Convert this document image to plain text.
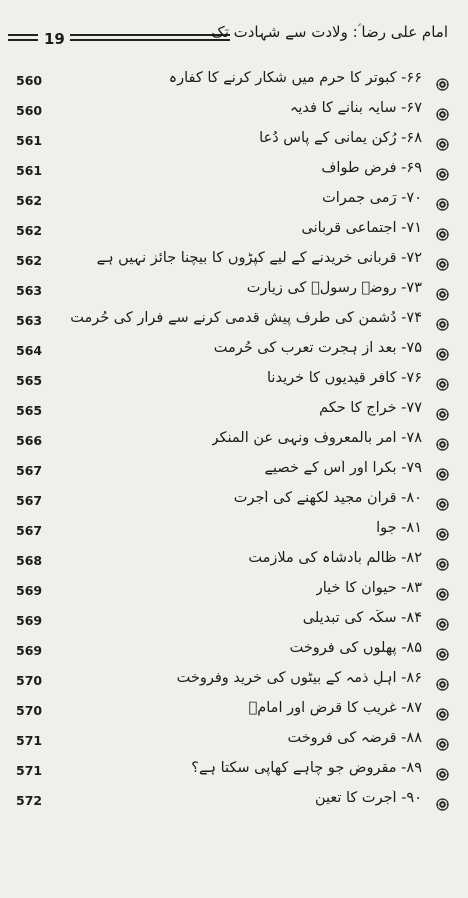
19	امام علی رضا ؑ: ولادت سے شہادت تک
560	۶۶- کبوتر کا حرم میں شکار کرنے کا کفارہ
560	۶۷- سایہ بنانے کا فدیہ
561	۶۸- رُکنِ یمانی کے پاس دُعا
561	۶۹- فرضِ طواف
562	۷۰- رَمی جمرات
562	۷۱- اجتماعی قربانی
562	۷۲- قربانی خریدنے کے لیے کپڑوں کا بیچنا جائز نہیں ہے
563	۷۳- روضۂ رسولؐ کی زیارت
563	۷۴- دُشمن کی طرف پیش قدمی کرنے سے فرار کی حُرمت
564	۷۵- بعد از ہجرت تعرب کی حُرمت
565	۷۶- کافر قیدیوں کا خریدنا
565	۷۷- خراج کا حکم
566	۷۸- اَمر بالمعروف ونہی عن المنکر
567	۷۹- بکرا اور اُس کے خصیے
567	۸۰- قرآن مجید لکھنے کی اُجرت
567	۸۱- جوا
568	۸۲- ظالم بادشاہ کی ملازمت
569	۸۳- حیوان کا خیار
569	۸۴- سکّہ کی تبدیلی
569	۸۵- پھلوں کی فروخت
570	۸۶- اہلِ ذمہ کے بیٹوں کی خرید وفروخت
570	۸۷- غریب کا قرض اور امامؑ
571	۸۸- قرضہ کی فروخت
571	۸۹- مقروض جو چاہے کھاپی سکتا ہے؟
572	۹۰- اُجرت کا تعین
